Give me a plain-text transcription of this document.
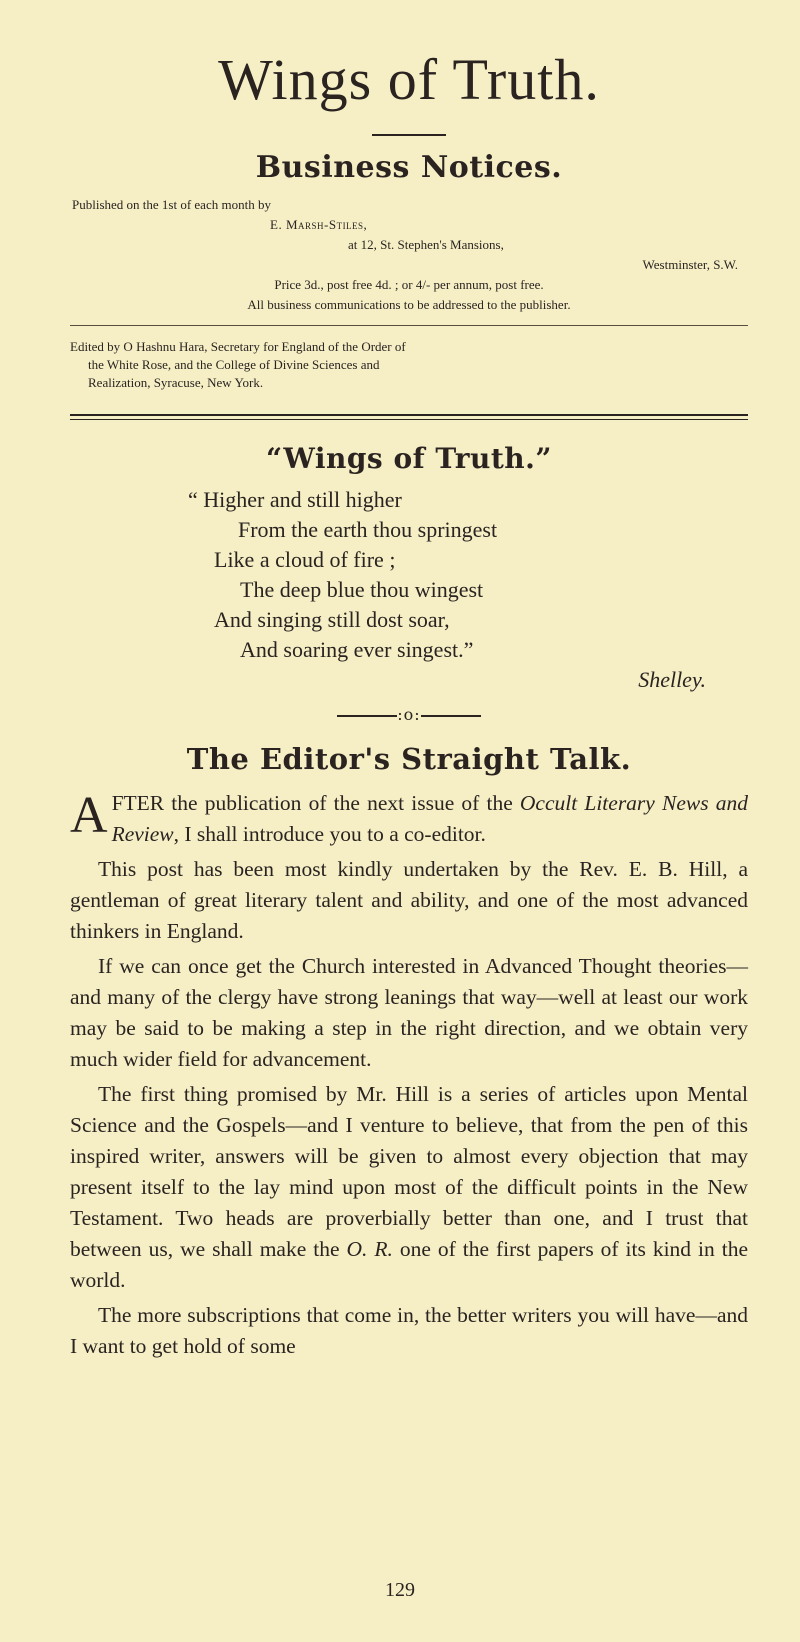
Wings of Truth.
Business Notices.
Published on the 1st of each month by
E. Marsh-Stiles,
at 12, St. Stephen's Mansions,
Westminster, S.W.
Price 3d., post free 4d. ; or 4/- per annum, post free.
All business communications to be addressed to the publisher.
Edited by O Hashnu Hara, Secretary for England of the Order of
the White Rose, and the College of Divine Sciences and
Realization, Syracuse, New York.
“Wings of Truth.”
“ Higher and still higher
From the earth thou springest
Like a cloud of fire ;
The deep blue thou wingest
And singing still dost soar,
And soaring ever singest.”
Shelley.
:o:
The Editor's Straight Talk.

AFTER the publication of the next issue of the Occult Literary News and Review, I shall introduce you to a co-editor.

This post has been most kindly undertaken by the Rev. E. B. Hill, a gentleman of great literary talent and ability, and one of the most advanced thinkers in England.

If we can once get the Church interested in Advanced Thought theories—and many of the clergy have strong leanings that way—well at least our work may be said to be making a step in the right direction, and we obtain very much wider field for advancement.

The first thing promised by Mr. Hill is a series of articles upon Mental Science and the Gospels—and I venture to believe, that from the pen of this inspired writer, answers will be given to almost every objection that may present itself to the lay mind upon most of the difficult points in the New Testament. Two heads are proverbially better than one, and I trust that between us, we shall make the O. R. one of the first papers of its kind in the world.

The more subscriptions that come in, the better writers you will have—and I want to get hold of some

129
